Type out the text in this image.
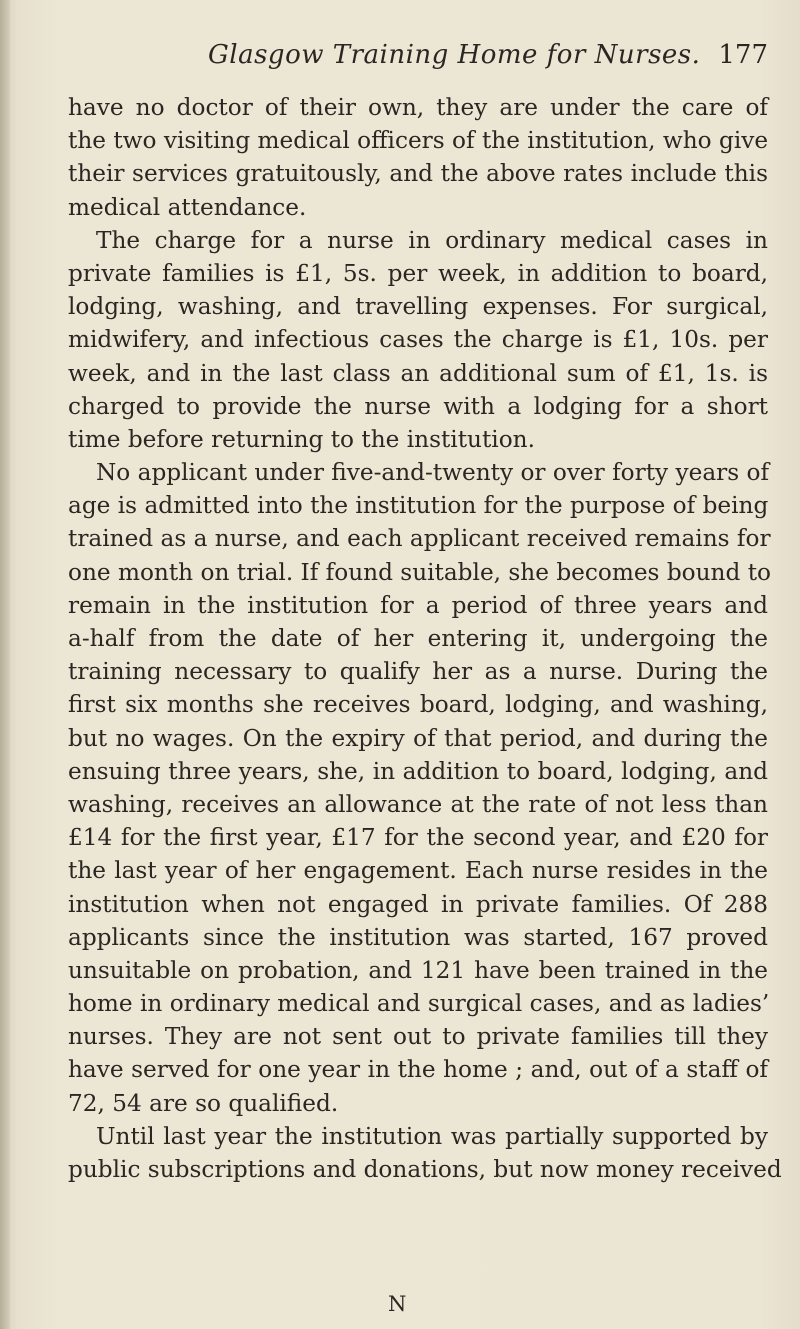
Glasgow Training Home for Nurses. 177
have no doctor of their own, they are under the care of
the two visiting medical officers of the institution, who give
their services gratuitously, and the above rates include this
medical attendance.
The charge for a nurse in ordinary medical cases in
private families is £1, 5s. per week, in addition to board,
lodging, washing, and travelling expenses. For surgical,
midwifery, and infectious cases the charge is £1, 10s. per
week, and in the last class an additional sum of £1, 1s. is
charged to provide the nurse with a lodging for a short
time before returning to the institution.
No applicant under five-and-twenty or over forty years of
age is admitted into the institution for the purpose of being
trained as a nurse, and each applicant received remains for
one month on trial. If found suitable, she becomes bound to
remain in the institution for a period of three years and
a-half from the date of her entering it, undergoing the
training necessary to qualify her as a nurse. During the
first six months she receives board, lodging, and washing,
but no wages. On the expiry of that period, and during the
ensuing three years, she, in addition to board, lodging, and
washing, receives an allowance at the rate of not less than
£14 for the first year, £17 for the second year, and £20 for
the last year of her engagement. Each nurse resides in the
institution when not engaged in private families. Of 288
applicants since the institution was started, 167 proved
unsuitable on probation, and 121 have been trained in the
home in ordinary medical and surgical cases, and as ladies’
nurses. They are not sent out to private families till they
have served for one year in the home ; and, out of a staff of
72, 54 are so qualified.
Until last year the institution was partially supported by
public subscriptions and donations, but now money received
N
